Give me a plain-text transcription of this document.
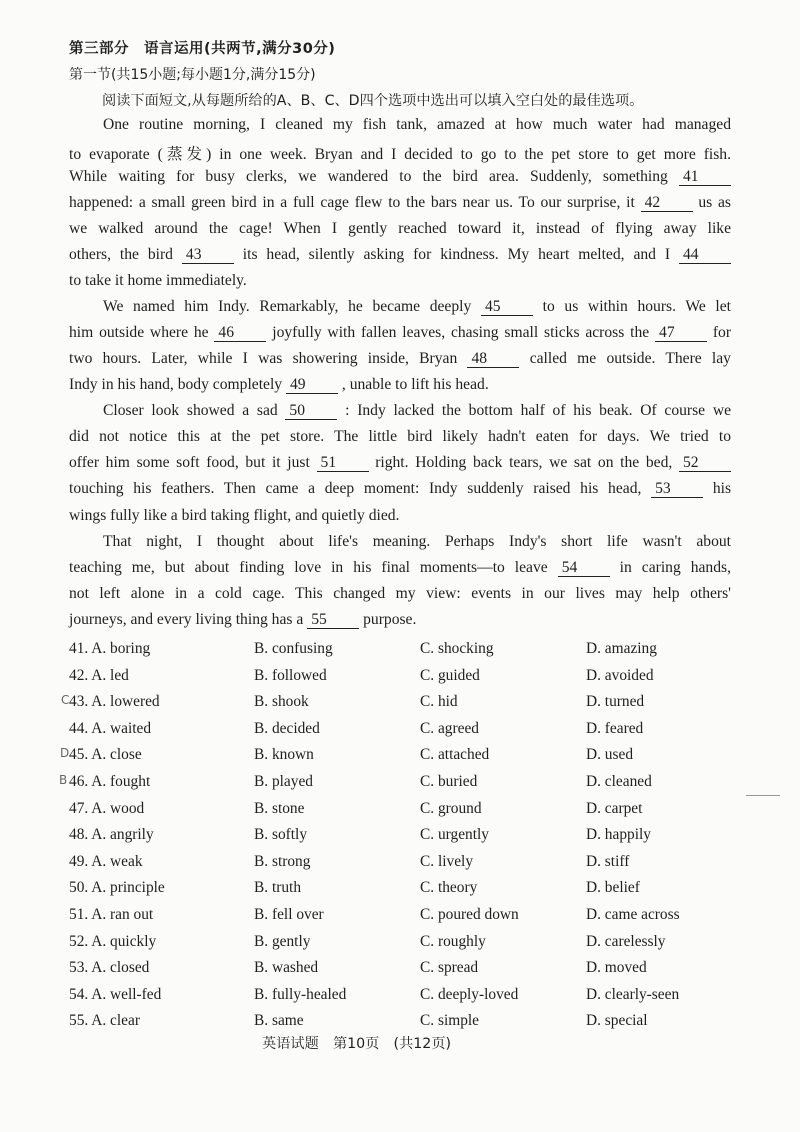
第三部分　语言运用(共两节,满分30分)
第一节(共15小题;每小题1分,满分15分)
阅读下面短文,从每题所给的A、B、C、D四个选项中选出可以填入空白处的最佳选项。
One routine morning, I cleaned my fish tank, amazed at how much water had managed
to evaporate (蒸发) in one week. Bryan and I decided to go to the pet store to get more fish.
While waiting for busy clerks, we wandered to the bird area. Suddenly, something 41
happened: a small green bird in a full cage flew to the bars near us. To our surprise, it 42 us as
we walked around the cage! When I gently reached toward it, instead of flying away like
others, the bird 43	its head, silently asking for kindness. My heart melted, and I 44
to take it home immediately.
We named him Indy. Remarkably, he became deeply 45	to us within hours. We let
him outside where he 46 joyfully with fallen leaves, chasing small sticks across the 47 for
two hours. Later, while I was showering inside, Bryan 48	called me outside. There lay
Indy in his hand, body completely 49 , unable to lift his head.
Closer look showed a sad 50	: Indy lacked the bottom half of his beak. Of course we
did not notice this at the pet store. The little bird likely hadn't eaten for days. We tried to
offer him some soft food, but it just 51	right. Holding back tears, we sat on the bed, 52
touching his feathers. Then came a deep moment: Indy suddenly raised his head, 53	his
wings fully like a bird taking flight, and quietly died.
That night, I thought about life's meaning. Perhaps Indy's short life wasn't about
teaching me, but about finding love in his final moments—to leave 54	in caring hands,
not left alone in a cold cage. This changed my view: events in our lives may help others'
journeys, and every living thing has a 55 purpose.
41. A. boring	B. confusing	C. shocking	D. amazing
42. A. led	B. followed	C. guided	D. avoided
43. A. lowered	B. shook	C. hid	D. turned
44. A. waited	B. decided	C. agreed	D. feared
45. A. close	B. known	C. attached	D. used
46. A. fought	B. played	C. buried	D. cleaned
47. A. wood	B. stone	C. ground	D. carpet
48. A. angrily	B. softly	C. urgently	D. happily
49. A. weak	B. strong	C. lively	D. stiff
50. A. principle	B. truth	C. theory	D. belief
51. A. ran out	B. fell over	C. poured down	D. came across
52. A. quickly	B. gently	C. roughly	D. carelessly
53. A. closed	B. washed	C. spread	D. moved
54. A. well-fed	B. fully-healed	C. deeply-loved	D. clearly-seen
55. A. clear	B. same	C. simple	D. special
C
D
B
英语试题　第10页　(共12页)
